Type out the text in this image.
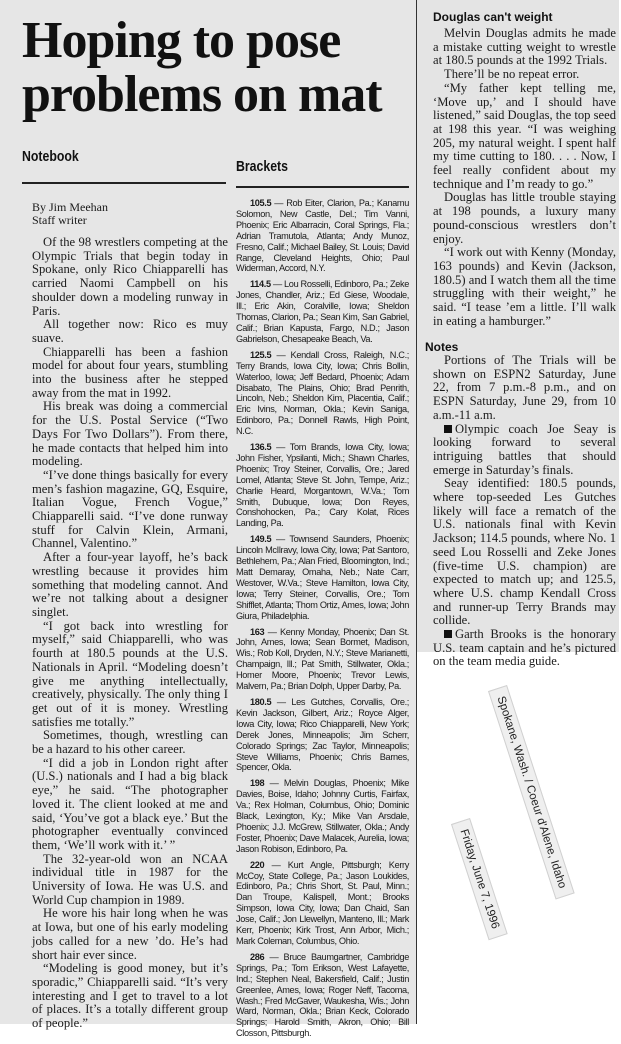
Hoping to pose problems on mat
Notebook
Brackets
By Jim Meehan
Staff writer

Of the 98 wrestlers competing at the Olympic Trials that begin today in Spokane, only Rico Chiapparelli has carried Naomi Campbell on his shoulder down a modeling runway in Paris.

All together now: Rico es muy suave.

Chiapparelli has been a fashion model for about four years, stumbling into the business after he stepped away from the mat in 1992.

His break was doing a commercial for the U.S. Postal Service (“Two Days For Two Dollars”). From there, he made contacts that helped him into modeling.

“I’ve done things basically for every men’s fashion magazine, GQ, Esquire, Italian Vogue, French Vogue,” Chiapparelli said. “I’ve done runway stuff for Calvin Klein, Armani, Channel, Valentino.”

After a four-year layoff, he’s back wrestling because it provides him something that modeling cannot. And we’re not talking about a designer singlet.

“I got back into wrestling for myself,” said Chiapparelli, who was fourth at 180.5 pounds at the U.S. Nationals in April. “Modeling doesn’t give me anything intellectually, creatively, physically. The only thing I get out of it is money. Wrestling satisfies me totally.”

Sometimes, though, wrestling can be a hazard to his other career.

“I did a job in London right after (U.S.) nationals and I had a big black eye,” he said. “The photographer loved it. The client looked at me and said, ‘You’ve got a black eye.’ But the photographer eventually convinced them, ‘We’ll work with it.’ ”

The 32-year-old won an NCAA individual title in 1987 for the University of Iowa. He was U.S. and World Cup champion in 1989.

He wore his hair long when he was at Iowa, but one of his early modeling jobs called for a new ’do. He’s had short hair ever since.

“Modeling is good money, but it’s sporadic,” Chiapparelli said. “It’s very interesting and I get to travel to a lot of places. It’s a totally different group of people.”

105.5 — Rob Eiter, Clarion, Pa.; Kanamu Solomon, New Castle, Del.; Tim Vanni, Phoenix; Eric Albarracin, Coral Springs, Fla.; Adrian Tramutola, Atlanta; Andy Munoz, Fresno, Calif.; Michael Bailey, St. Louis; David Range, Cleveland Heights, Ohio; Paul Widerman, Accord, N.Y.

114.5 — Lou Rosselli, Edinboro, Pa.; Zeke Jones, Chandler, Ariz.; Ed Giese, Woodale, Ill.; Eric Akin, Coralville, Iowa; Sheldon Thomas, Clarion, Pa.; Sean Kim, San Gabriel, Calif.; Brian Kapusta, Fargo, N.D.; Jason Gabrielson, Chesapeake Beach, Va.

125.5 — Kendall Cross, Raleigh, N.C.; Terry Brands, Iowa City, Iowa; Chris Bollin, Waterloo, Iowa; Jeff Bedard, Phoenix; Adam Disabato, The Plains, Ohio; Brad Penrith, Lincoln, Neb.; Sheldon Kim, Placentia, Calif.; Eric Ivins, Norman, Okla.; Kevin Saniga, Edinboro, Pa.; Donnell Rawls, High Point, N.C.

136.5 — Tom Brands, Iowa City, Iowa; John Fisher, Ypsilanti, Mich.; Shawn Charles, Phoenix; Troy Steiner, Corvallis, Ore.; Jared Lomel, Atlanta; Steve St. John, Tempe, Ariz.; Charlie Heard, Morgantown, W.Va.; Tom Smith, Dubuque, Iowa; Don Reyes, Conshohocken, Pa.; Cary Kolat, Rices Landing, Pa.

149.5 — Townsend Saunders, Phoenix; Lincoln McIlravy, Iowa City, Iowa; Pat Santoro, Bethlehem, Pa.; Alan Fried, Bloomington, Ind.; Matt Demaray, Omaha, Neb.; Nate Carr, Westover, W.Va.; Steve Hamilton, Iowa City, Iowa; Terry Steiner, Corvallis, Ore.; Tom Shifflet, Atlanta; Thom Ortiz, Ames, Iowa; John Giura, Philadelphia.

163 — Kenny Monday, Phoenix; Dan St. John, Ames, Iowa; Sean Bormet, Madison, Wis.; Rob Koll, Dryden, N.Y.; Steve Marianetti, Champaign, Ill.; Pat Smith, Stillwater, Okla.; Homer Moore, Phoenix; Trevor Lewis, Malvern, Pa.; Brian Dolph, Upper Darby, Pa.

180.5 — Les Gutches, Corvallis, Ore.; Kevin Jackson, Gilbert, Ariz.; Royce Alger, Iowa City, Iowa; Rico Chiapparelli, New York; Derek Jones, Minneapolis; Jim Scherr, Colorado Springs; Zac Taylor, Minneapolis; Steve Williams, Phoenix; Chris Barnes, Spencer, Okla.

198 — Melvin Douglas, Phoenix; Mike Davies, Boise, Idaho; Johnny Curtis, Fairfax, Va.; Rex Holman, Columbus, Ohio; Dominic Black, Lexington, Ky.; Mike Van Arsdale, Phoenix; J.J. McGrew, Stillwater, Okla.; Andy Foster, Phoenix; Dave Malacek, Aurelia, Iowa; Jason Robison, Edinboro, Pa.

220 — Kurt Angle, Pittsburgh; Kerry McCoy, State College, Pa.; Jason Loukides, Edinboro, Pa.; Chris Short, St. Paul, Minn.; Dan Troupe, Kalispell, Mont.; Brooks Simpson, Iowa City, Iowa; Dan Chaid, San Jose, Calif.; Jon Llewellyn, Manteno, Ill.; Mark Kerr, Phoenix; Kirk Trost, Ann Arbor, Mich.; Mark Coleman, Columbus, Ohio.

286 — Bruce Baumgartner, Cambridge Springs, Pa.; Tom Erikson, West Lafayette, Ind.; Stephen Neal, Bakersfield, Calif.; Justin Greenlee, Ames, Iowa; Roger Neff, Tacoma, Wash.; Fred McGaver, Waukesha, Wis.; John Ward, Norman, Okla.; Brian Keck, Colorado Springs; Harold Smith, Akron, Ohio; Bill Closson, Pittsburgh.

Douglas can't weight

Melvin Douglas admits he made a mistake cutting weight to wrestle at 180.5 pounds at the 1992 Trials.

There’ll be no repeat error.

“My father kept telling me, ‘Move up,’ and I should have listened,” said Douglas, the top seed at 198 this year. “I was weighing 205, my natural weight. I spent half my time cutting to 180. . . . Now, I feel really confident about my technique and I’m ready to go.”

Douglas has little trouble staying at 198 pounds, a luxury many pound-conscious wrestlers don’t enjoy.

“I work out with Kenny (Monday, 163 pounds) and Kevin (Jackson, 180.5) and I watch them all the time struggling with their weight,” he said. “I tease ’em a little. I’ll walk in eating a hamburger.”

Notes

Portions of The Trials will be shown on ESPN2 Saturday, June 22, from 7 p.m.-8 p.m., and on ESPN Saturday, June 29, from 10 a.m.-11 a.m.

Olympic coach Joe Seay is looking forward to several intriguing battles that should emerge in Saturday’s finals.

Seay identified: 180.5 pounds, where top-seeded Les Gutches likely will face a rematch of the U.S. nationals final with Kevin Jackson; 114.5 pounds, where No. 1 seed Lou Rosselli and Zeke Jones (five-time U.S. champion) are expected to match up; and 125.5, where U.S. champ Kendall Cross and runner-up Terry Brands may collide.

Garth Brooks is the honorary U.S. team captain and he’s pictured on the team media guide.

Spokane, Wash. / Coeur d'Alene, Idaho
Friday, June 7, 1996
